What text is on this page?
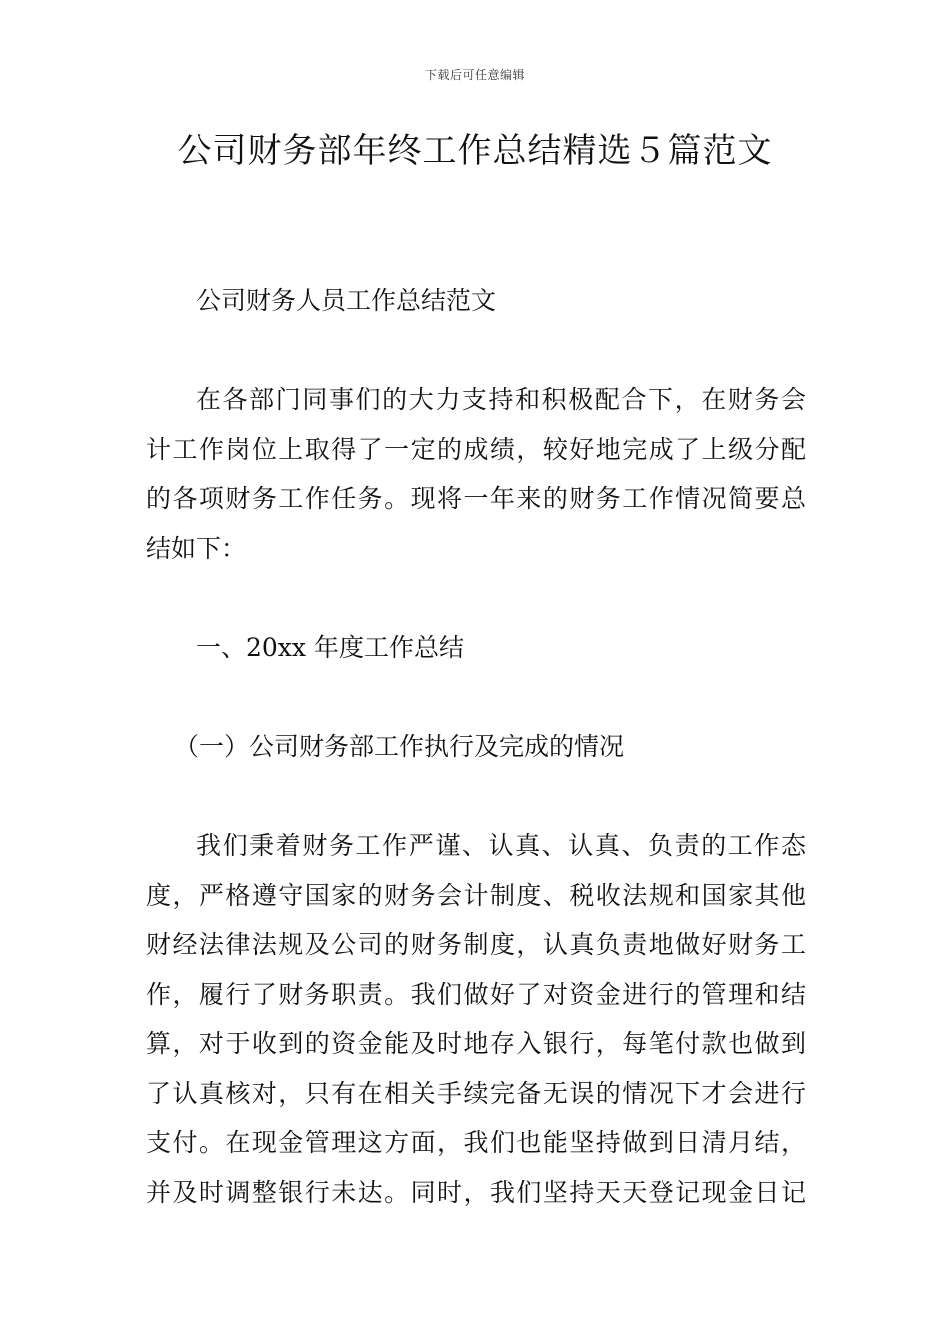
下载后可任意编辑
公司财务部年终工作总结精选５篇范文

公司财务人员工作总结范文

在各部门同事们的大力支持和积极配合下，在财务会
计工作岗位上取得了一定的成绩，较好地完成了上级分配
的各项财务工作任务。现将一年来的财务工作情况简要总
结如下：

一、20xx 年度工作总结

（一）公司财务部工作执行及完成的情况

我们秉着财务工作严谨、认真、认真、负责的工作态
度，严格遵守国家的财务会计制度、税收法规和国家其他
财经法律法规及公司的财务制度，认真负责地做好财务工
作，履行了财务职责。我们做好了对资金进行的管理和结
算，对于收到的资金能及时地存入银行，每笔付款也做到
了认真核对，只有在相关手续完备无误的情况下才会进行
支付。在现金管理这方面，我们也能坚持做到日清月结，
并及时调整银行未达。同时，我们坚持天天登记现金日记
